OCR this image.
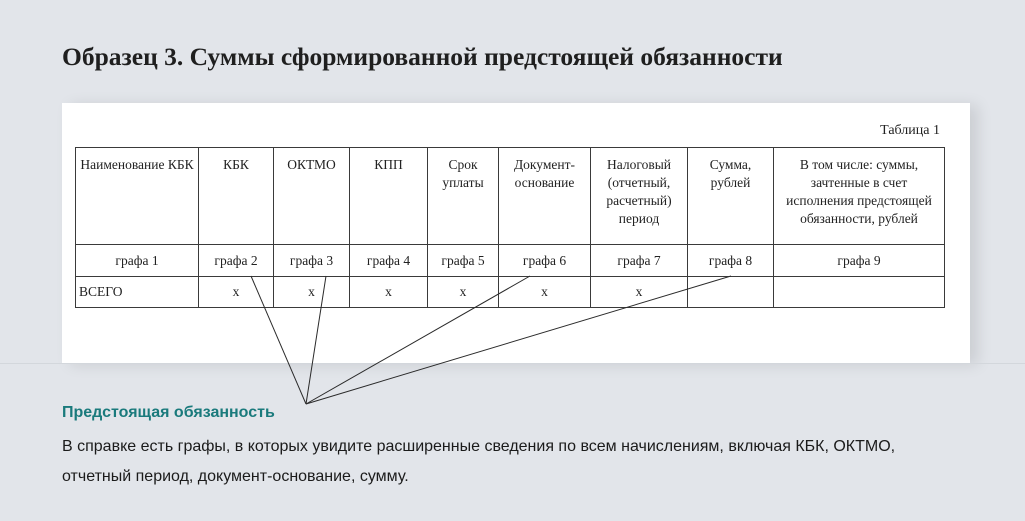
Образец 3. Суммы сформированной предстоящей обязанности
Таблица 1
Наименование КБК	КБК	ОКТМО	КПП	Срок уплаты	Документ-основание	Налоговый (отчетный, расчетный) период	Сумма, рублей	В том числе: суммы, зачтенные в счет исполнения предстоящей обязанности, рублей
графа 1	графа 2	графа 3	графа 4	графа 5	графа 6	графа 7	графа 8	графа 9
ВСЕГО	х	х	х	х	х	х		
Предстоящая обязанность

В справке есть графы, в которых увидите расширенные сведения по всем начислениям, включая КБК, ОКТМО, отчетный период, документ-основание, сумму.
